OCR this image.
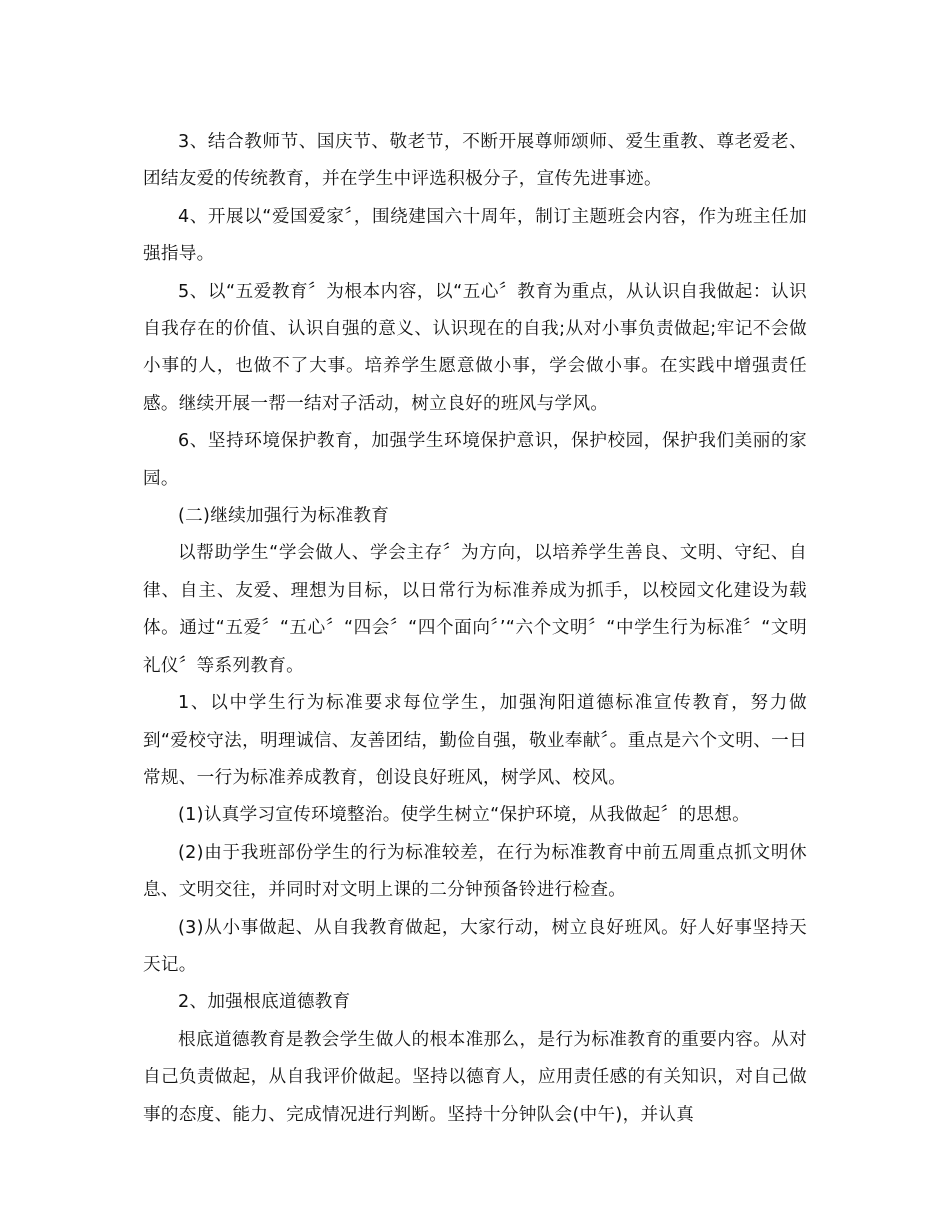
3、结合教师节、国庆节、敬老节，不断开展尊师颂师、爱生重教、尊老爱老、团结友爱的传统教育，并在学生中评选积极分子，宣传先进事迹。

4、开展以“爱国爱家〞，围绕建国六十周年，制订主题班会内容，作为班主任加强指导。

5、以“五爱教育〞为根本内容，以“五心〞教育为重点，从认识自我做起：认识自我存在的价值、认识自强的意义、认识现在的自我;从对小事负责做起;牢记不会做小事的人，也做不了大事。培养学生愿意做小事，学会做小事。在实践中增强责任感。继续开展一帮一结对子活动，树立良好的班风与学风。

6、坚持环境保护教育，加强学生环境保护意识，保护校园，保护我们美丽的家园。

(二)继续加强行为标准教育

以帮助学生“学会做人、学会主存〞为方向，以培养学生善良、文明、守纪、自律、自主、友爱、理想为目标，以日常行为标准养成为抓手，以校园文化建设为载体。通过“五爱〞“五心〞“四会〞“四个面向〞’“六个文明〞“中学生行为标准〞“文明礼仪〞等系列教育。

1、以中学生行为标准要求每位学生，加强洵阳道德标准宣传教育，努力做到“爱校守法，明理诚信、友善团结，勤俭自强，敬业奉献〞。重点是六个文明、一日常规、一行为标准养成教育，创设良好班风，树学风、校风。

(1)认真学习宣传环境整治。使学生树立“保护环境，从我做起〞的思想。

(2)由于我班部份学生的行为标准较差，在行为标准教育中前五周重点抓文明休息、文明交往，并同时对文明上课的二分钟预备铃进行检查。

(3)从小事做起、从自我教育做起，大家行动，树立良好班风。好人好事坚持天天记。

2、加强根底道德教育

根底道德教育是教会学生做人的根本准那么，是行为标准教育的重要内容。从对自己负责做起，从自我评价做起。坚持以德育人，应用责任感的有关知识，对自己做事的态度、能力、完成情况进行判断。坚持十分钟队会(中午)，并认真
